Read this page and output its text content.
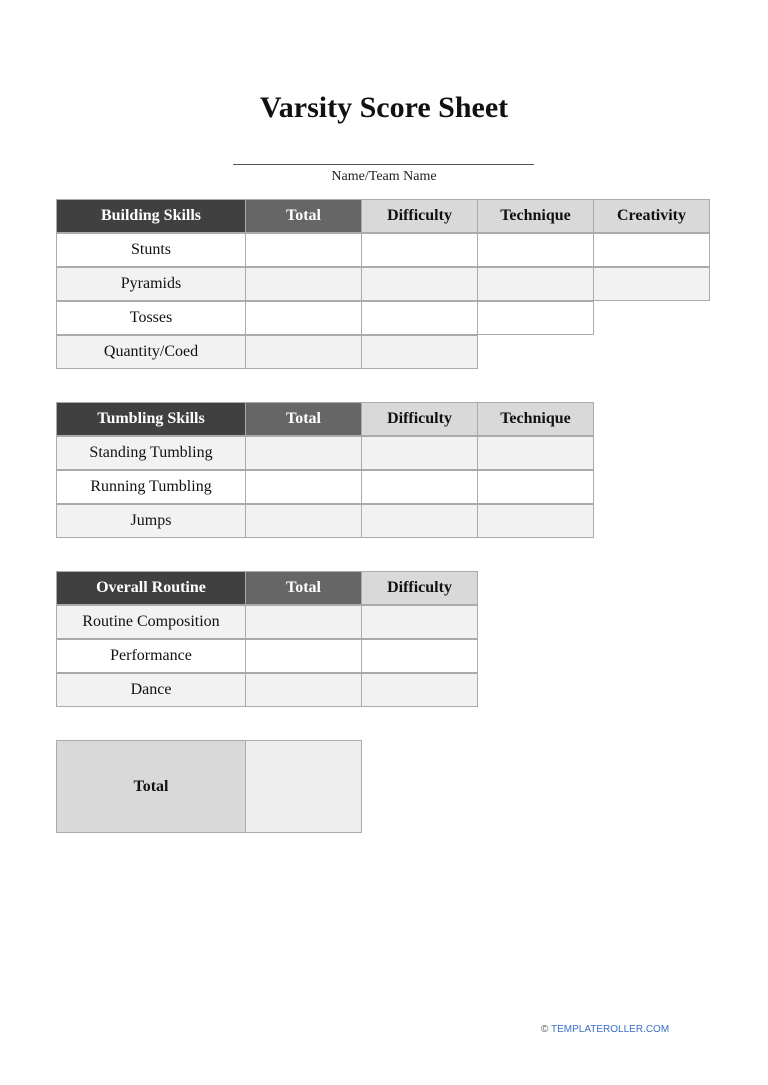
Varsity Score Sheet
Name/Team Name
Building Skills	Total	Difficulty	Technique	Creativity
Stunts
Pyramids
Tosses
Quantity/Coed
Tumbling Skills	Total	Difficulty	Technique
Standing Tumbling
Running Tumbling
Jumps
Overall Routine	Total	Difficulty
Routine Composition
Performance
Dance
Total
© TEMPLATEROLLER.COM
